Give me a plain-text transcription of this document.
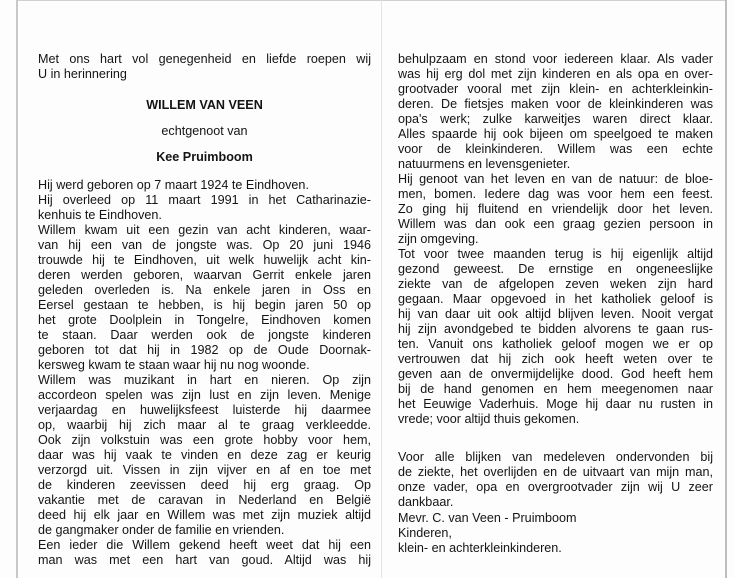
Met ons hart vol genegenheid en liefde roepen wij
U in herinnering
WILLEM VAN VEEN
echtgenoot van
Kee Pruimboom
Hij werd geboren op 7 maart 1924 te Eindhoven.
Hij overleed op 11 maart 1991 in het Catharinazie-
kenhuis te Eindhoven.
Willem kwam uit een gezin van acht kinderen, waar-
van hij een van de jongste was. Op 20 juni 1946
trouwde hij te Eindhoven, uit welk huwelijk acht kin-
deren werden geboren, waarvan Gerrit enkele jaren
geleden overleden is. Na enkele jaren in Oss en
Eersel gestaan te hebben, is hij begin jaren 50 op
het grote Doolplein in Tongelre, Eindhoven komen
te staan. Daar werden ook de jongste kinderen
geboren tot dat hij in 1982 op de Oude Doornak-
kersweg kwam te staan waar hij nu nog woonde.
Willem was muzikant in hart en nieren. Op zijn
accordeon spelen was zijn lust en zijn leven. Menige
verjaardag en huwelijksfeest luisterde hij daarmee
op, waarbij hij zich maar al te graag verkleedde.
Ook zijn volkstuin was een grote hobby voor hem,
daar was hij vaak te vinden en deze zag er keurig
verzorgd uit. Vissen in zijn vijver en af en toe met
de kinderen zeevissen deed hij erg graag. Op
vakantie met de caravan in Nederland en België
deed hij elk jaar en Willem was met zijn muziek altijd
de gangmaker onder de familie en vrienden.
Een ieder die Willem gekend heeft weet dat hij een
man was met een hart van goud. Altijd was hij
behulpzaam en stond voor iedereen klaar. Als vader
was hij erg dol met zijn kinderen en als opa en over-
grootvader vooral met zijn klein- en achterkleinkin-
deren. De fietsjes maken voor de kleinkinderen was
opa's werk; zulke karweitjes waren direct klaar.
Alles spaarde hij ook bijeen om speelgoed te maken
voor de kleinkinderen. Willem was een echte
natuurmens en levensgenieter.
Hij genoot van het leven en van de natuur: de bloe-
men, bomen. Iedere dag was voor hem een feest.
Zo ging hij fluitend en vriendelijk door het leven.
Willem was dan ook een graag gezien persoon in
zijn omgeving.
Tot voor twee maanden terug is hij eigenlijk altijd
gezond geweest. De ernstige en ongeneeslijke
ziekte van de afgelopen zeven weken zijn hard
gegaan. Maar opgevoed in het katholiek geloof is
hij van daar uit ook altijd blijven leven. Nooit vergat
hij zijn avondgebed te bidden alvorens te gaan rus-
ten. Vanuit ons katholiek geloof mogen we er op
vertrouwen dat hij zich ook heeft weten over te
geven aan de onvermijdelijke dood. God heeft hem
bij de hand genomen en hem meegenomen naar
het Eeuwige Vaderhuis. Moge hij daar nu rusten in
vrede; voor altijd thuis gekomen.
Voor alle blijken van medeleven ondervonden bij
de ziekte, het overlijden en de uitvaart van mijn man,
onze vader, opa en overgrootvader zijn wij U zeer
dankbaar.
Mevr. C. van Veen - Pruimboom
Kinderen,
klein- en achterkleinkinderen.
